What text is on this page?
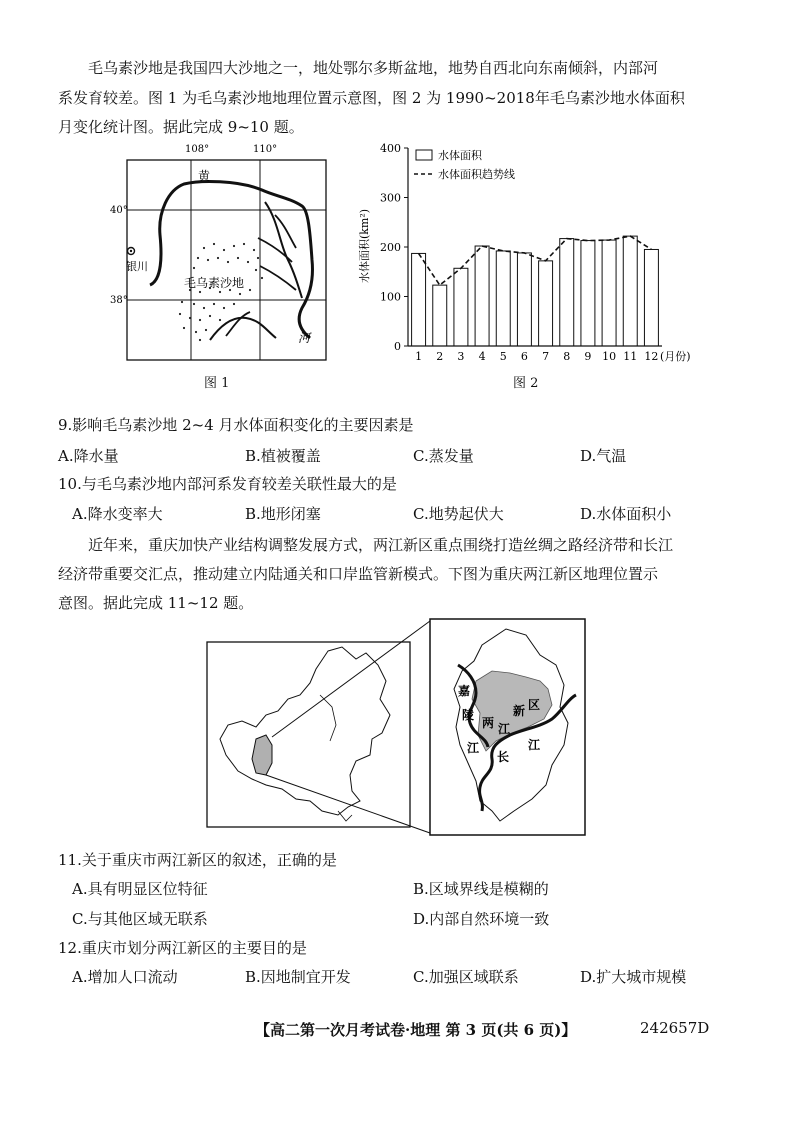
毛乌素沙地是我国四大沙地之一，地处鄂尔多斯盆地，地势自西北向东南倾斜，内部河
系发育较差。图 1 为毛乌素沙地地理位置示意图，图 2 为 1990~2018年毛乌素沙地水体面积
月变化统计图。据此完成 9~10 题。
108°	110°
40°
38°
银川
黄
河
毛乌素沙地
图 1
水体面积(km²)
0
100
200
300
400
1 2 3 4 5 6 7 8 9 10 11 12 (月份)
水体面积
水体面积趋势线
图 2
9.影响毛乌素沙地 2~4 月水体面积变化的主要因素是
A.降水量	B.植被覆盖	C.蒸发量	D.气温
10.与毛乌素沙地内部河系发育较差关联性最大的是
A.降水变率大	B.地形闭塞	C.地势起伏大	D.水体面积小
近年来，重庆加快产业结构调整发展方式，两江新区重点围绕打造丝绸之路经济带和长江
经济带重要交汇点，推动建立内陆通关和口岸监管新模式。下图为重庆两江新区地理位置示
意图。据此完成 11~12 题。
嘉
陵
江
两 江
新 区
长
江
11.关于重庆市两江新区的叙述，正确的是
A.具有明显区位特征	B.区域界线是模糊的
C.与其他区域无联系	D.内部自然环境一致
12.重庆市划分两江新区的主要目的是
A.增加人口流动	B.因地制宜开发	C.加强区域联系	D.扩大城市规模
【高二第一次月考试卷·地理 第 3 页(共 6 页)】	242657D
